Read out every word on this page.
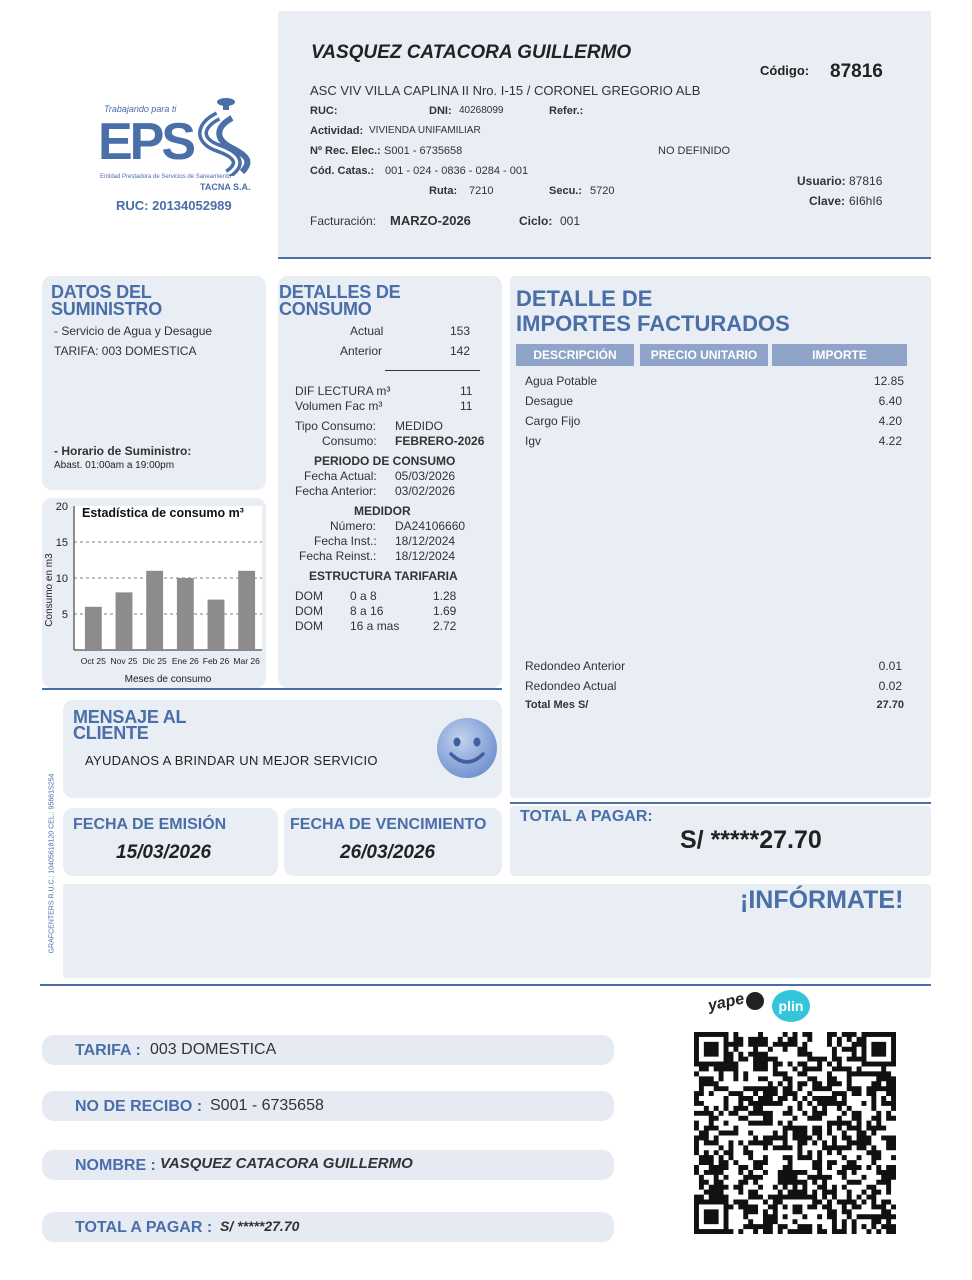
Trabajando para ti
EPS
Entidad Prestadora de Servicios de Saneamiento
TACNA S.A.
RUC: 20134052989
VASQUEZ CATACORA GUILLERMO
Código: 87816
ASC VIV VILLA CAPLINA II Nro. I-15 / CORONEL GREGORIO ALB
RUC:	DNI: 40268099	Refer.:
Actividad: VIVIENDA UNIFAMILIAR
Nº Rec. Elec.: S001 - 6735658	NO DEFINIDO
Cód. Catas.: 001 - 024 - 0836 - 0284 - 001
Ruta: 7210	Secu.: 5720
Usuario: 87816
Clave: 6I6hI6
Facturación: MARZO-2026	Ciclo: 001
DATOS DEL
SUMINISTRO
- Servicio de Agua y Desague
TARIFA: 003 DOMESTICA
- Horario de Suministro:
Abast. 01:00am a 19:00pm
5
10
15
20
Oct 25 Nov 25 Dic 25 Ene 26 Feb 26 Mar 26
Estadística de consumo m³
Meses de consumo
Consumo en m3
DETALLES DE
CONSUMO
Actual	153
Anterior	142
DIF LECTURA m³	11
Volumen Fac m³	11
Tipo Consumo: MEDIDO
Consumo: FEBRERO-2026
PERIODO DE CONSUMO
Fecha Actual: 05/03/2026
Fecha Anterior: 03/02/2026
MEDIDOR
Número: DA24106660
Fecha Inst.: 18/12/2024
Fecha Reinst.: 18/12/2024
ESTRUCTURA TARIFARIA
DOM 0 a 8	1.28
DOM 8 a 16	1.69
DOM 16 a mas	2.72
DETALLE DE
IMPORTES FACTURADOS
DESCRIPCIÓN	PRECIO UNITARIO	IMPORTE
Agua Potable	12.85
Desague	6.40
Cargo Fijo	4.20
Igv	4.22
Redondeo Anterior	0.01
Redondeo Actual	0.02
Total Mes S/	27.70
MENSAJE AL
CLIENTE
AYUDANOS A BRINDAR UN MEJOR SERVICIO
GRAFCENTERS R.U.C.: 10405618120 CEL.: 95661S254 FECHA DE EMISIÓN
15/03/2026
FECHA DE VENCIMIENTO
26/03/2026
TOTAL A PAGAR:
S/ *****27.70
¡INFÓRMATE!
yape	plin
TARIFA : 003 DOMESTICA
NO DE RECIBO : S001 - 6735658
NOMBRE : VASQUEZ CATACORA GUILLERMO
TOTAL A PAGAR : S/ *****27.70
